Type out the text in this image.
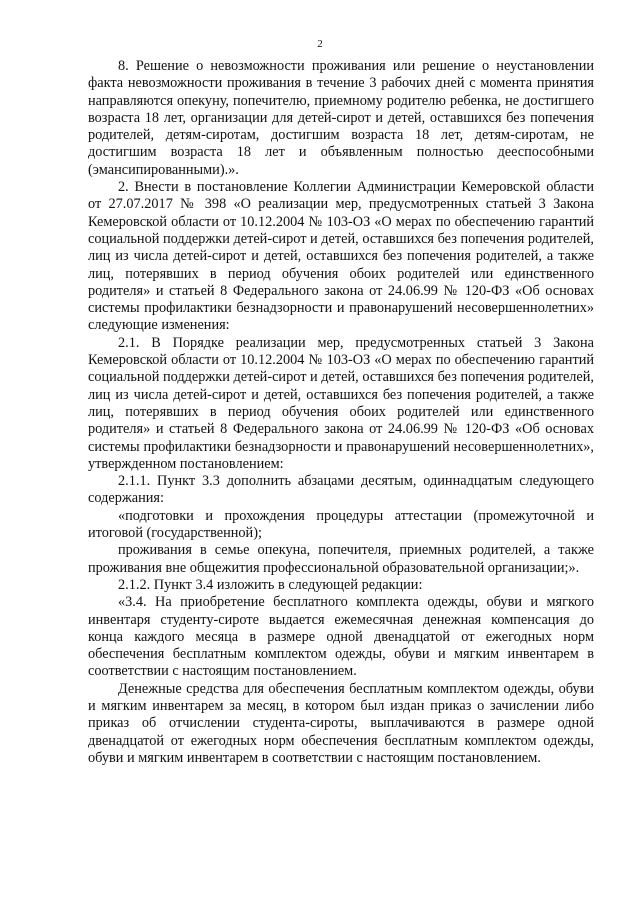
2

8. Решение о невозможности проживания или решение о неустановлении факта невозможности проживания в течение 3 рабочих дней с момента принятия направляются опекуну, попечителю, приемному родителю ребенка, не достигшего возраста 18 лет, организации для детей-сирот и детей, оставшихся без попечения родителей, детям-сиротам, достигшим возраста 18 лет, детям-сиротам, не достигшим возраста 18 лет и объявленным полностью дееспособными (эмансипированными).».

2. Внести в постановление Коллегии Администрации Кемеровской области от 27.07.2017 № 398 «О реализации мер, предусмотренных статьей 3 Закона Кемеровской области от 10.12.2004 № 103-ОЗ «О мерах по обеспечению гарантий социальной поддержки детей-сирот и детей, оставшихся без попечения родителей, лиц из числа детей-сирот и детей, оставшихся без попечения родителей, а также лиц, потерявших в период обучения обоих родителей или единственного родителя» и статьей 8 Федерального закона от 24.06.99 № 120-ФЗ «Об основах системы профилактики безнадзорности и правонарушений несовершеннолетних» следующие изменения:

2.1. В Порядке реализации мер, предусмотренных статьей 3 Закона Кемеровской области от 10.12.2004 № 103-ОЗ «О мерах по обеспечению гарантий социальной поддержки детей-сирот и детей, оставшихся без попечения родителей, лиц из числа детей-сирот и детей, оставшихся без попечения родителей, а также лиц, потерявших в период обучения обоих родителей или единственного родителя» и статьей 8 Федерального закона от 24.06.99 № 120-ФЗ «Об основах системы профилактики безнадзорности и правонарушений несовершеннолетних», утвержденном постановлением:

2.1.1. Пункт 3.3 дополнить абзацами десятым, одиннадцатым следующего содержания:

«подготовки и прохождения процедуры аттестации (промежуточной и итоговой (государственной);

проживания в семье опекуна, попечителя, приемных родителей, а также проживания вне общежития профессиональной образовательной организации;».

2.1.2. Пункт 3.4 изложить в следующей редакции:

«3.4. На приобретение бесплатного комплекта одежды, обуви и мягкого инвентаря студенту-сироте выдается ежемесячная денежная компенсация до конца каждого месяца в размере одной двенадцатой от ежегодных норм обеспечения бесплатным комплектом одежды, обуви и мягким инвентарем в соответствии с настоящим постановлением.

Денежные средства для обеспечения бесплатным комплектом одежды, обуви и мягким инвентарем за месяц, в котором был издан приказ о зачислении либо приказ об отчислении студента-сироты, выплачиваются в размере одной двенадцатой от ежегодных норм обеспечения бесплатным комплектом одежды, обуви и мягким инвентарем в соответствии с настоящим постановлением.
